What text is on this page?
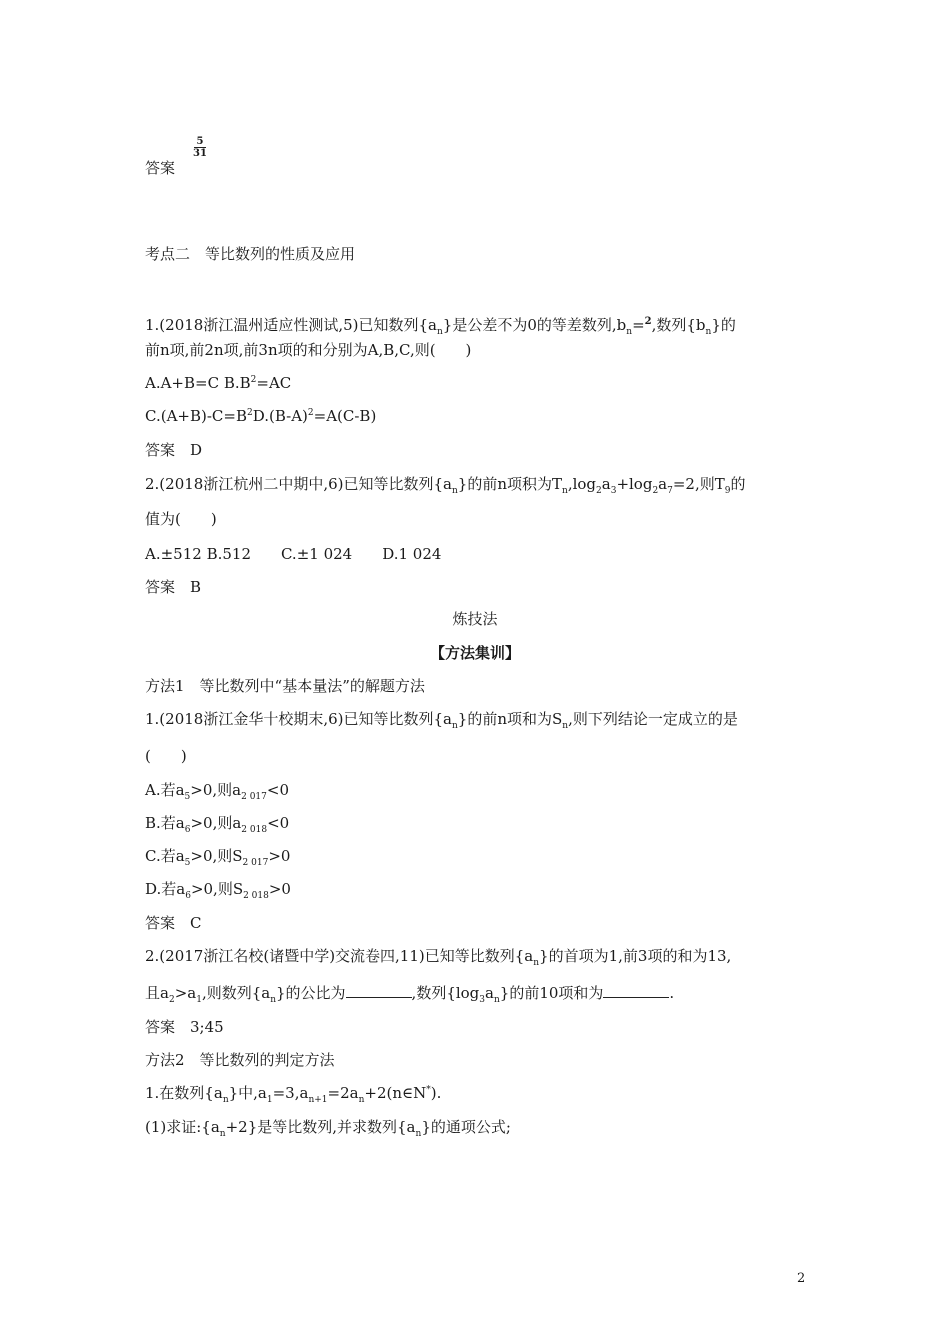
答案
5
31
考点二　等比数列的性质及应用
1.(2018浙江温州适应性测试,5)已知数列$\{a_n\}$是公差不为0的等差数列$,b_n=^2$,数列$\{b_n\}$的
前n项,前2n项,前3n项的和分别为A,B,C,则(　　)
A.A+B=C $B.B^2=AC$
$C.(A+B)-C=B^2D.(B-A)^2=A(C-B)$
答案　D
2.(2018浙江杭州二中期中,6)已知等比数列$\{a_n\}$的前n项积为$T_n,\log_2a_3+\log_2a_7=2$,则$T_9$的
值为(　　)
A.±512 B.512　　C.±1 024　　D.1 024
答案　B
炼技法
【方法集训】
方法1　等比数列中“基本量法”的解题方法
1.(2018浙江金华十校期末,6)已知等比数列$\{a_n\}$的前n项和为$S_n$,则下列结论一定成立的是
(　　)
A.若$a_5>0$,则$a_{2 017}<0$
B.若$a_6>0$,则$a_{2 018}<0$
C.若$a_5>0$,则$S_{2 017}>0$
D.若$a_6>0$,则$S_{2 018}>0$
答案　C
2.(2017浙江名校(诸暨中学)交流卷四,11)已知等比数列$\{a_n\}$的首项为1,前3项的和为13,
且$a_2>a_1$,则数列$\{a_n\}$的公比为	,数列$\{\log_3a_n\}$的前10项和为	.
答案　3;45
方法2　等比数列的判定方法
1.在数列$\{a_n\}$中$,a_1=3,a_{n+1}=2a_n+2(n\in N^*)$.
(1)求证$:\{a_n+2\}$是等比数列,并求数列$\{a_n\}$的通项公式;
2
